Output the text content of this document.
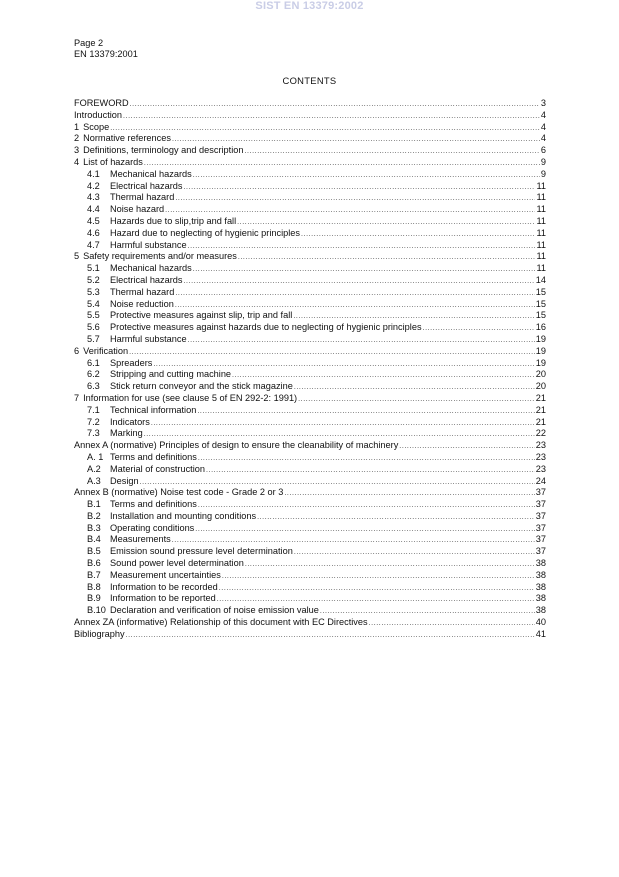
SIST EN 13379:2002
Page 2
EN 13379:2001
CONTENTS
FOREWORD .....	3
Introduction .....	4
1 Scope .....	4
2 Normative references .....	4
3 Definitions, terminology and description .....	6
4 List of hazards .....	9
4.1	Mechanical hazards .....	9
4.2	Electrical hazards .....	11
4.3	Thermal hazard .....	11
4.4	Noise hazard .....	11
4.5	Hazards due to slip,trip and fall .....	11
4.6	Hazard due to neglecting of hygienic principles .....	11
4.7	Harmful substance .....	11
5 Safety requirements and/or measures .....	11
5.1	Mechanical hazards .....	11
5.2	Electrical hazards .....	14
5.3	Thermal hazard .....	15
5.4	Noise reduction .....	15
5.5	Protective measures against slip, trip and fall .....	15
5.6	Protective measures against hazards due to neglecting of hygienic principles .....	16
5.7	Harmful substance .....	19
6 Verification .....	19
6.1	Spreaders .....	19
6.2	Stripping and cutting machine .....	20
6.3	Stick return conveyor and the stick magazine .....	20
7 Information for use (see clause 5 of EN 292-2: 1991) .....	21
7.1	Technical information .....	21
7.2	Indicators .....	21
7.3	Marking .....	22
Annex A (normative) Principles of design to ensure the cleanability of machinery .....	23
A. 1 Terms and definitions .....	23
A.2	Material of construction .....	23
A.3	Design .....	24
Annex B (normative) Noise test code - Grade 2 or 3 .....	37
B.1	Terms and definitions .....	37
B.2	Installation and mounting conditions .....	37
B.3	Operating conditions .....	37
B.4	Measurements .....	37
B.5	Emission sound pressure level determination .....	37
B.6	Sound power level determination .....	38
B.7	Measurement uncertainties .....	38
B.8	Information to be recorded .....	38
B.9	Information to be reported .....	38
B.10 Declaration and verification of noise emission value .....	38
Annex ZA (informative) Relationship of this document with EC Directives .....	40
Bibliography .....	41
